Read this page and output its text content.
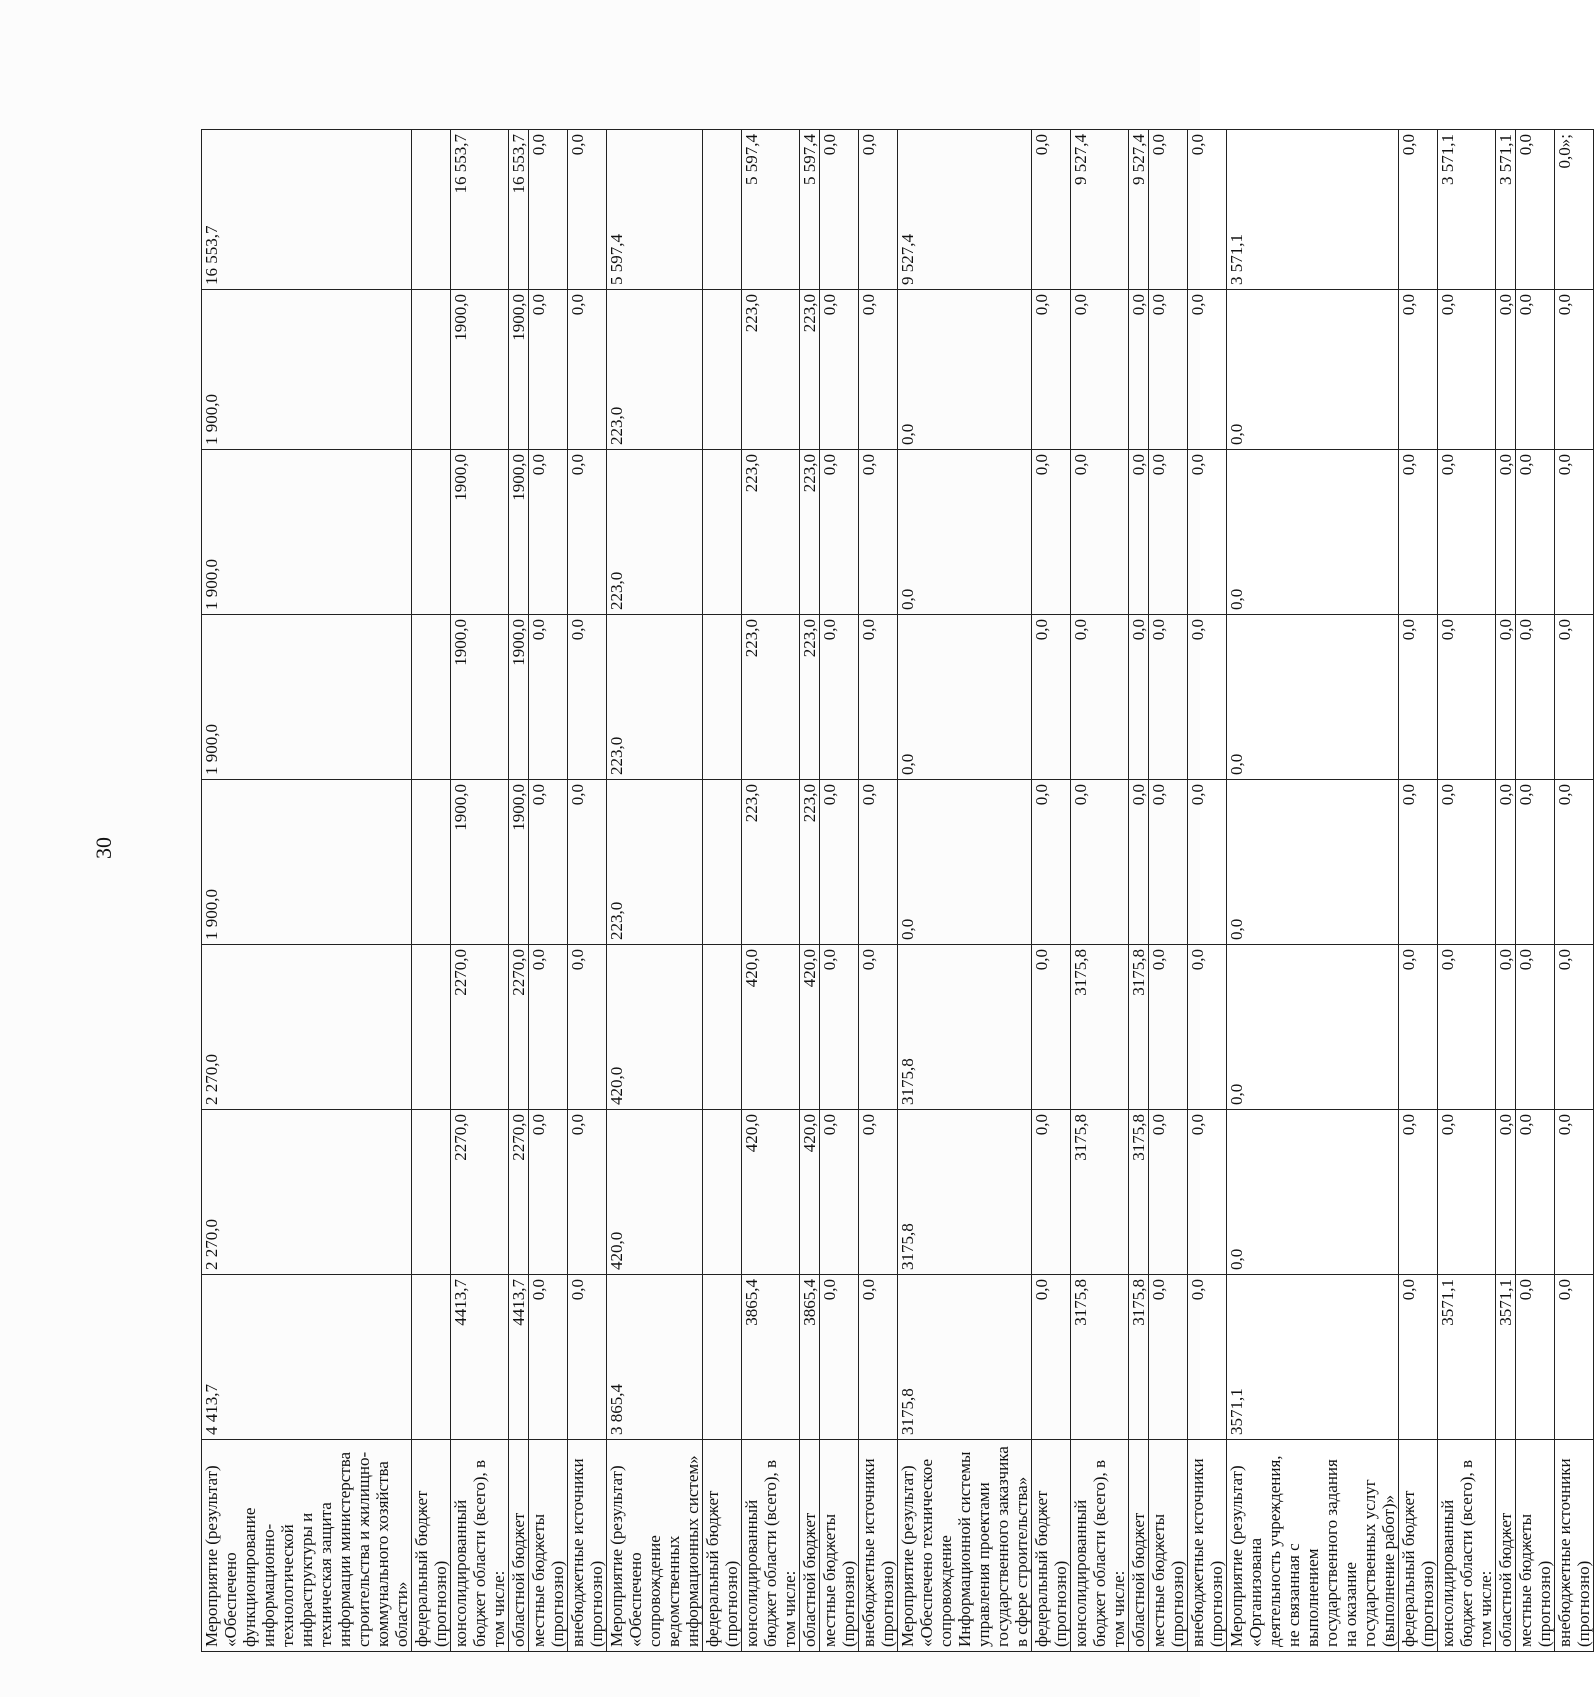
30
Мероприятие (результат) «Обеспечено функционирование информационно-технологической инфраструктуры и техническая защита информации министерства строительства и жилищно-коммунального хозяйства области»	4 413,7	2 270,0	2 270,0	1 900,0	1 900,0	1 900,0	1 900,0	16 553,7
федеральный бюджет (прогнозно)								
консолидированный бюджет области (всего), в том числе:	4413,7	2270,0	2270,0	1900,0	1900,0	1900,0	1900,0	16 553,7
областной бюджет	4413,7	2270,0	2270,0	1900,0	1900,0	1900,0	1900,0	16 553,7
местные бюджеты (прогнозно)	0,0	0,0	0,0	0,0	0,0	0,0	0,0	0,0
внебюджетные источники (прогнозно)	0,0	0,0	0,0	0,0	0,0	0,0	0,0	0,0
Мероприятие (результат) «Обеспечено сопровождение ведомственных информационных систем»	3 865,4	420,0	420,0	223,0	223,0	223,0	223,0	5 597,4
федеральный бюджет (прогнозно)								
консолидированный бюджет области (всего), в том числе:	3865,4	420,0	420,0	223,0	223,0	223,0	223,0	5 597,4
областной бюджет	3865,4	420,0	420,0	223,0	223,0	223,0	223,0	5 597,4
местные бюджеты (прогнозно)	0,0	0,0	0,0	0,0	0,0	0,0	0,0	0,0
внебюджетные источники (прогнозно)	0,0	0,0	0,0	0,0	0,0	0,0	0,0	0,0
Мероприятие (результат) «Обеспечено техническое сопровождение Информационной системы управления проектами государственного заказчика в сфере строительства»	3175,8	3175,8	3175,8	0,0	0,0	0,0	0,0	9 527,4
федеральный бюджет (прогнозно)	0,0	0,0	0,0	0,0	0,0	0,0	0,0	0,0
консолидированный бюджет области (всего), в том числе:	3175,8	3175,8	3175,8	0,0	0,0	0,0	0,0	9 527,4
областной бюджет	3175,8	3175,8	3175,8	0,0	0,0	0,0	0,0	9 527,4
местные бюджеты (прогнозно)	0,0	0,0	0,0	0,0	0,0	0,0	0,0	0,0
внебюджетные источники (прогнозно)	0,0	0,0	0,0	0,0	0,0	0,0	0,0	0,0
Мероприятие (результат) «Организована деятельность учреждения, не связанная с выполнением государственного задания на оказание государственных услуг (выполнение работ)»	3571,1	0,0	0,0	0,0	0,0	0,0	0,0	3 571,1
федеральный бюджет (прогнозно)	0,0	0,0	0,0	0,0	0,0	0,0	0,0	0,0
консолидированный бюджет области (всего), в том числе:	3571,1	0,0	0,0	0,0	0,0	0,0	0,0	3 571,1
областной бюджет	3571,1	0,0	0,0	0,0	0,0	0,0	0,0	3 571,1
местные бюджеты (прогнозно)	0,0	0,0	0,0	0,0	0,0	0,0	0,0	0,0
внебюджетные источники (прогнозно)	0,0	0,0	0,0	0,0	0,0	0,0	0,0	0,0»;
